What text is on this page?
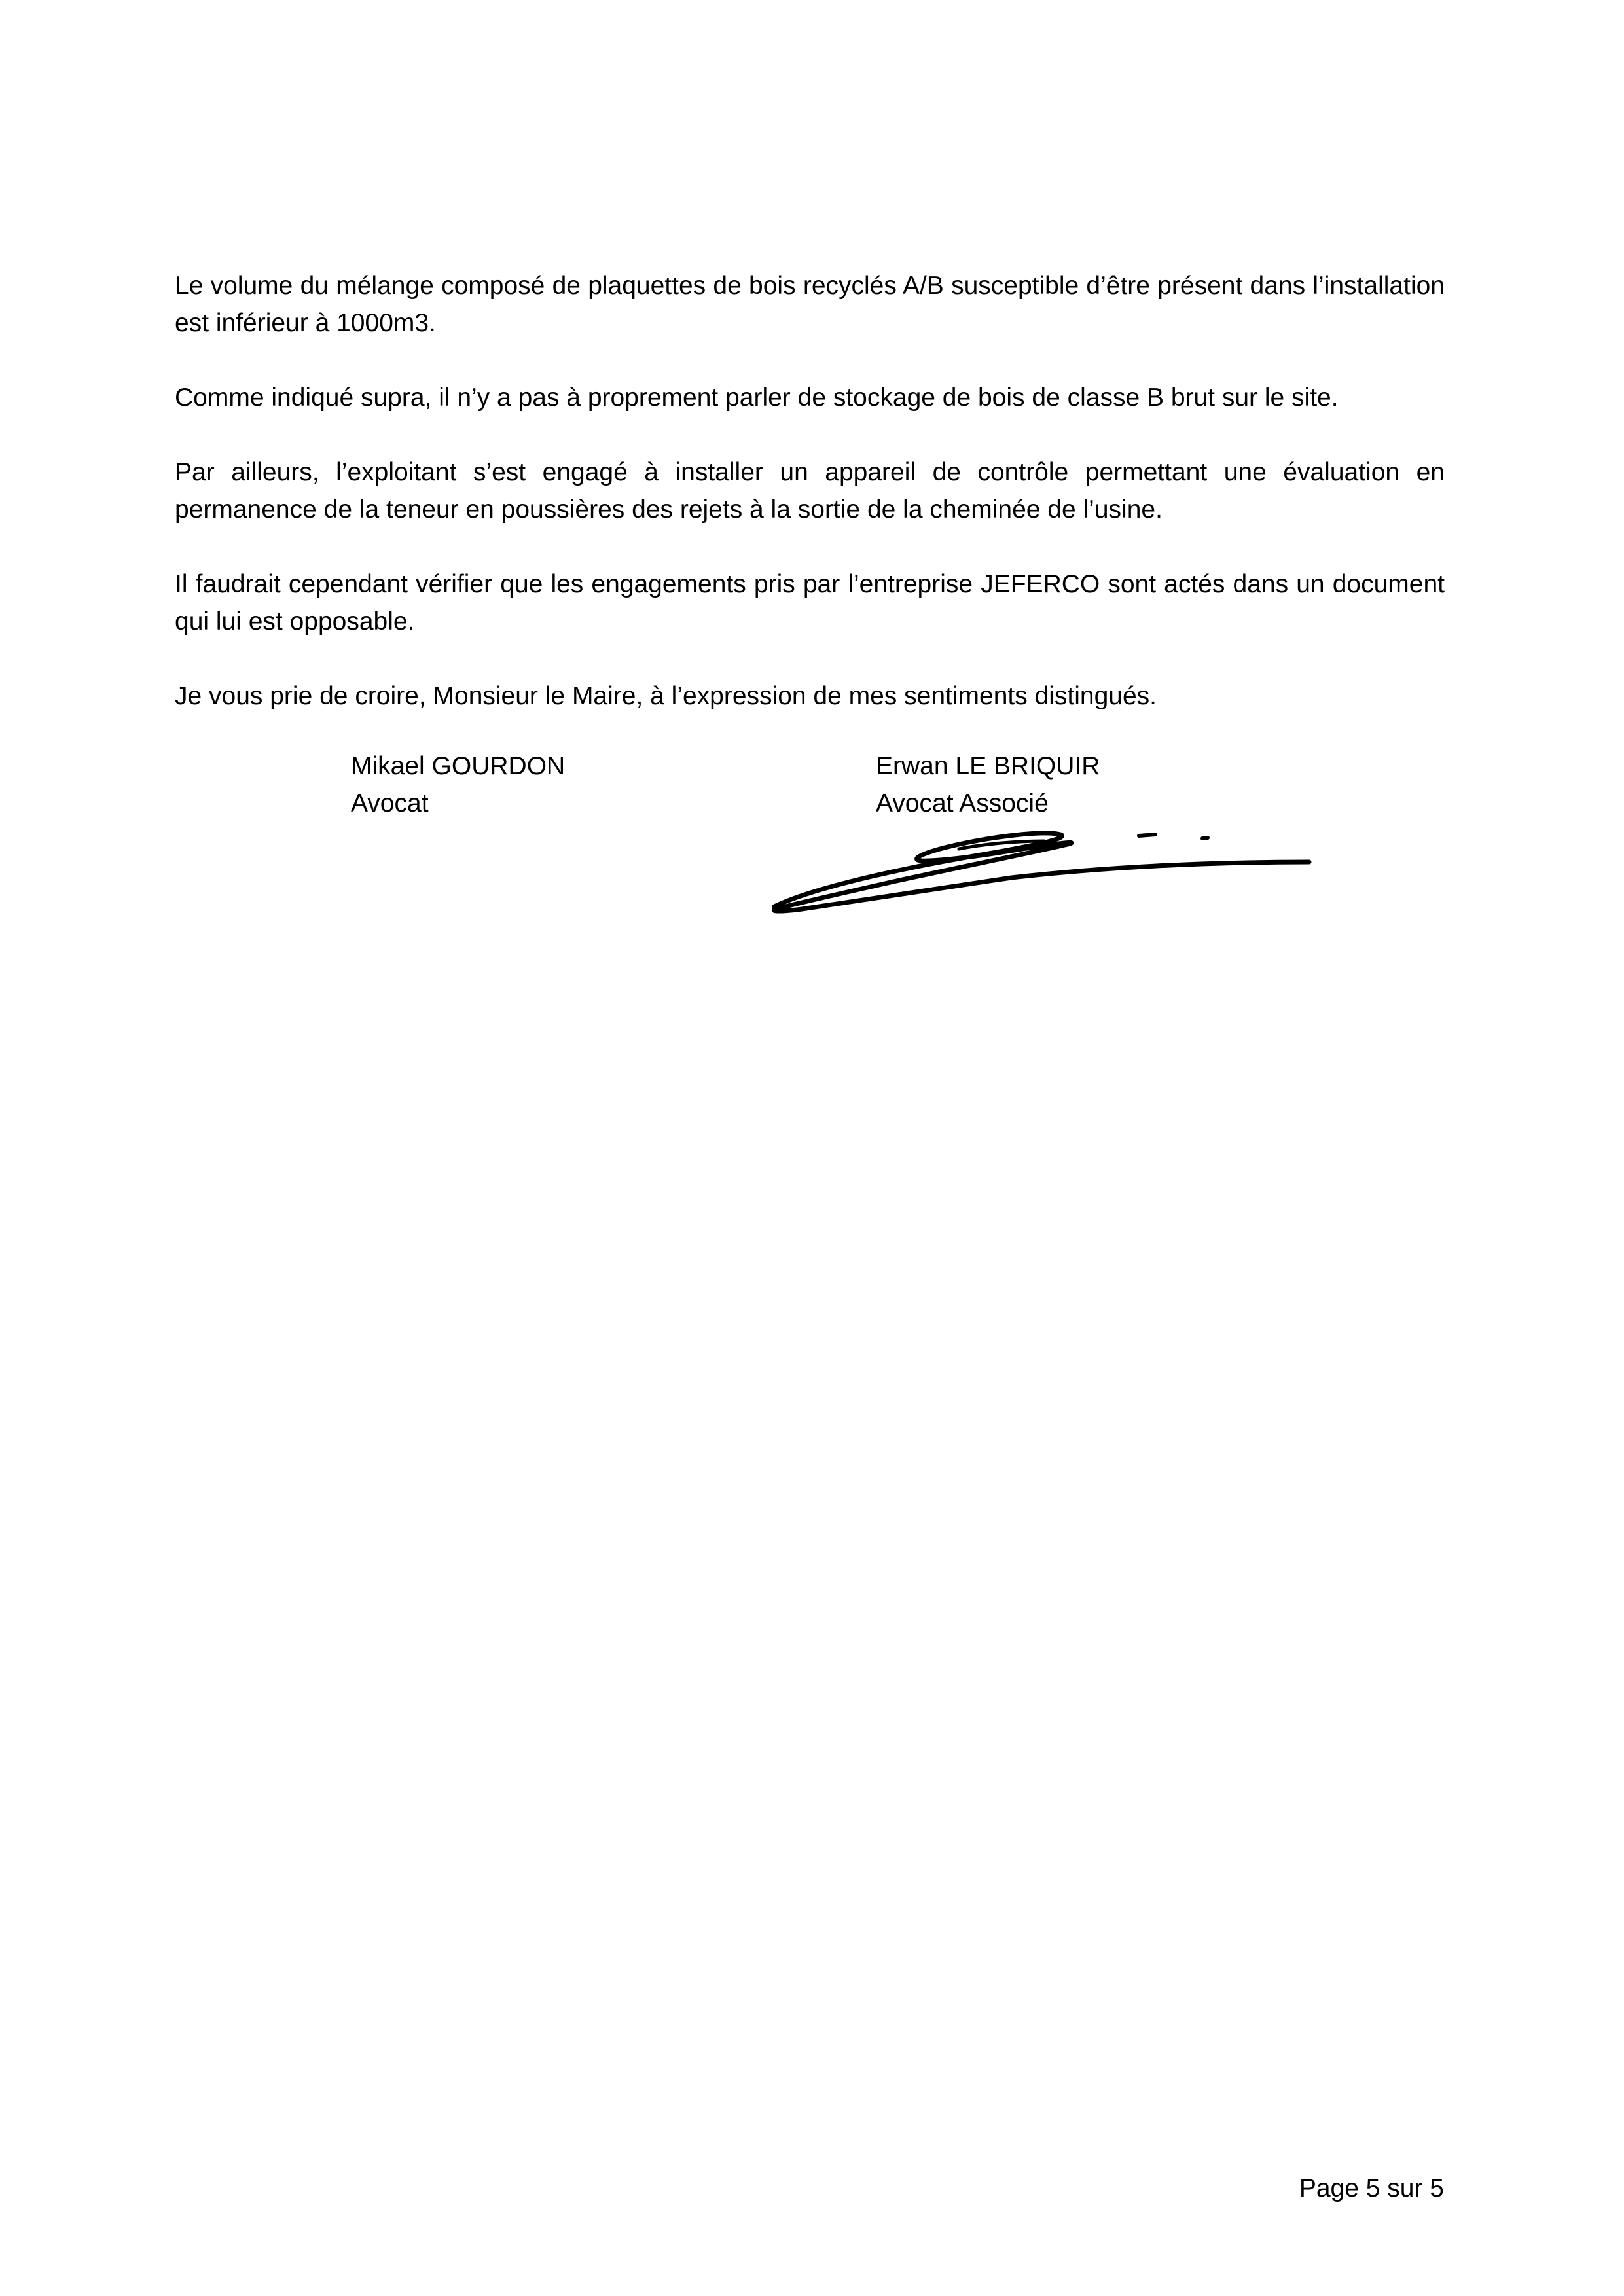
Le volume du mélange composé de plaquettes de bois recyclés A/B susceptible d’être présent dans l’installation est inférieur à 1000m3.

Comme indiqué supra, il n’y a pas à proprement parler de stockage de bois de classe B brut sur le site.

Par ailleurs, l’exploitant s’est engagé à installer un appareil de contrôle permettant une évaluation en permanence de la teneur en poussières des rejets à la sortie de la cheminée de l’usine.

Il faudrait cependant vérifier que les engagements pris par l’entreprise JEFERCO sont actés dans un document qui lui est opposable.

Je vous prie de croire, Monsieur le Maire, à l’expression de mes sentiments distingués.

Mikael GOURDON
Avocat
Erwan LE BRIQUIR
Avocat Associé
Page 5 sur 5
